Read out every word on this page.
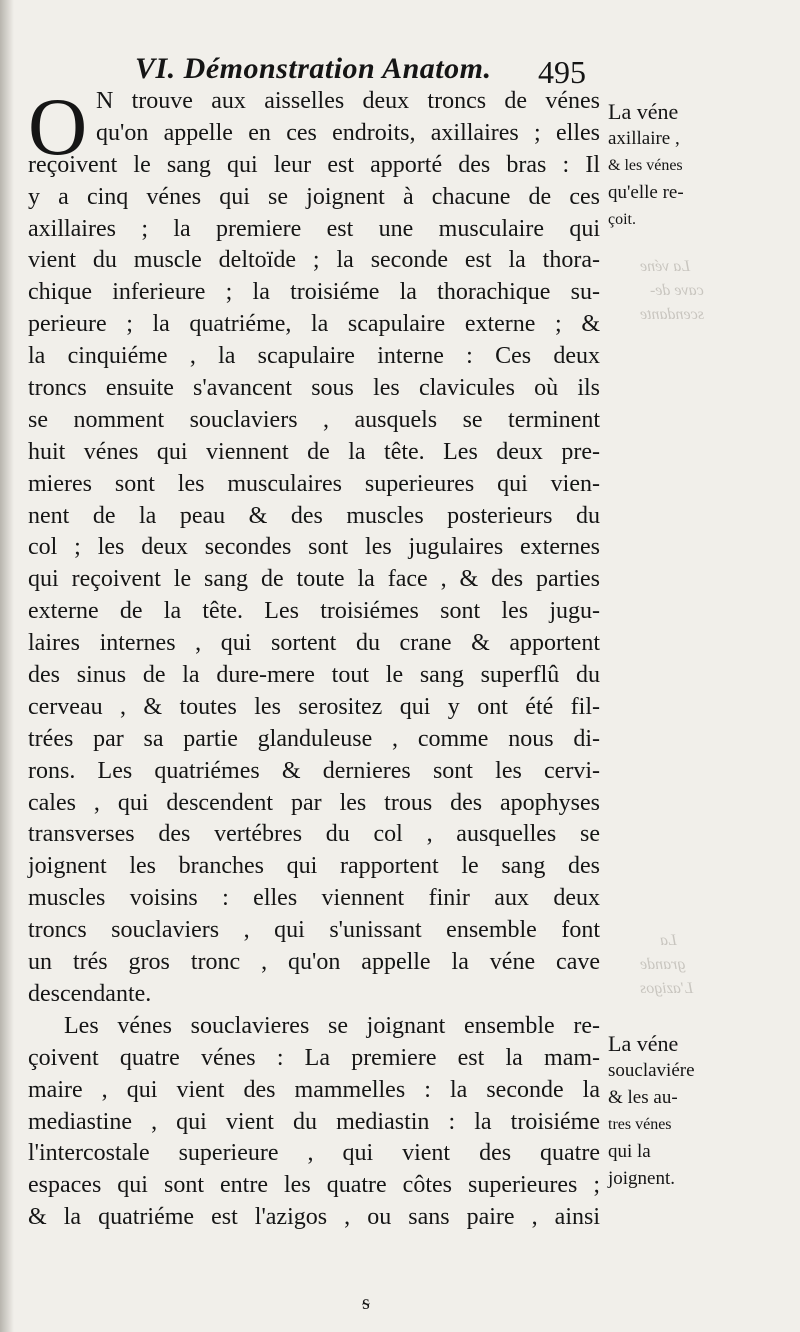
VI. Démonstration Anatom. 495
O N trouve aux aisselles deux troncs de vénes
qu'on appelle en ces endroits, axillaires ; elles
reçoivent le sang qui leur est apporté des bras : Il
y a cinq vénes qui se joignent à chacune de ces
axillaires ; la premiere est une musculaire qui
vient du muscle deltoïde ; la seconde est la thora-
chique inferieure ; la troisiéme la thorachique su-
perieure ; la quatriéme, la scapulaire externe ; &
la cinquiéme , la scapulaire interne : Ces deux
troncs ensuite s'avancent sous les clavicules où ils
se nomment souclaviers , ausquels se terminent
huit vénes qui viennent de la tête. Les deux pre-
mieres sont les musculaires superieures qui vien-
nent de la peau & des muscles posterieurs du
col ; les deux secondes sont les jugulaires externes
qui reçoivent le sang de toute la face , & des parties
externe de la tête. Les troisiémes sont les jugu-
laires internes , qui sortent du crane & apportent
des sinus de la dure-mere tout le sang superflû du
cerveau , & toutes les serositez qui y ont été fil-
trées par sa partie glanduleuse , comme nous di-
rons. Les quatriémes & dernieres sont les cervi-
cales , qui descendent par les trous des apophyses
transverses des vertébres du col , ausquelles se
joignent les branches qui rapportent le sang des
muscles voisins : elles viennent finir aux deux
troncs souclaviers , qui s'unissant ensemble font
un trés gros tronc , qu'on appelle la véne cave
descendante.
Les vénes souclavieres se joignant ensemble re-
çoivent quatre vénes : La premiere est la mam-
maire , qui vient des mammelles : la seconde la
mediastine , qui vient du mediastin : la troisiéme
l'intercostale superieure , qui vient des quatre
espaces qui sont entre les quatre côtes superieures ;
& la quatriéme est l'azigos , ou sans paire , ainsi
La véne
axillaire ,
& les vénes
qu'elle re-
çoit.
La véne
souclaviére
& les au-
tres vénes
qui la
joignent.
La véne
cave de-
scendante
La
grande
L'azigos
ᵴ
